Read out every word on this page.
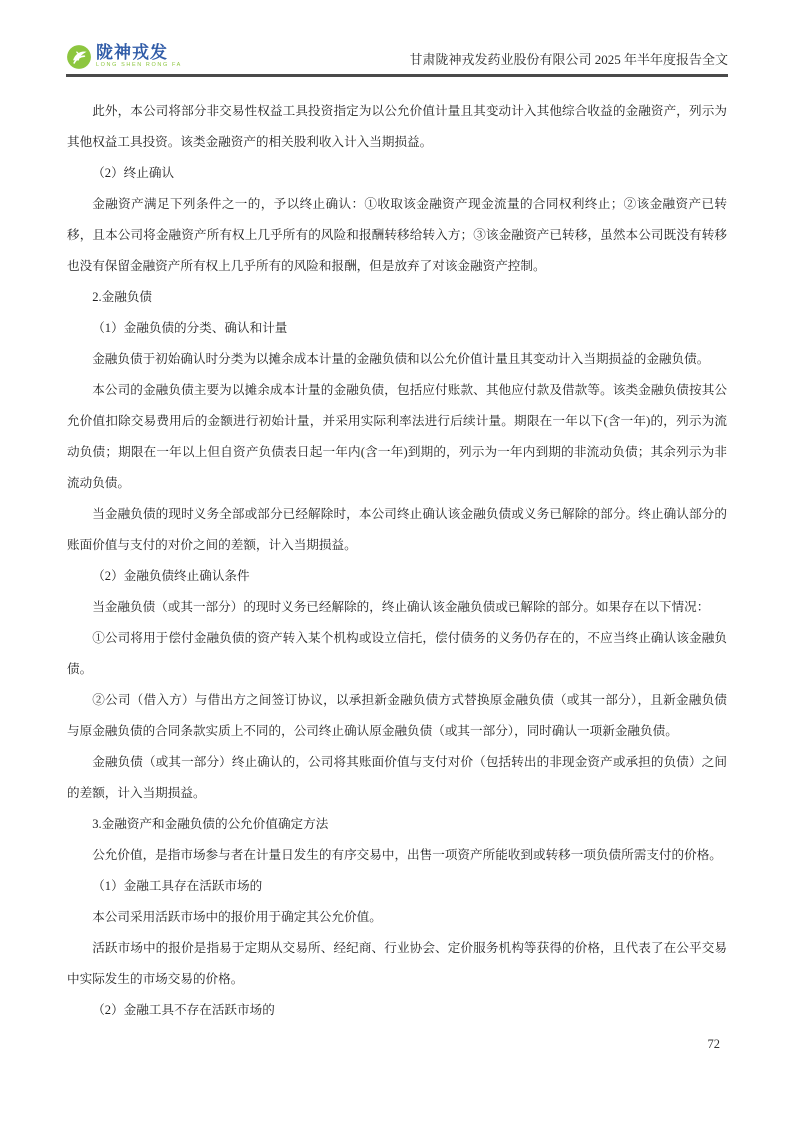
陇神戎发
LONG SHEN RONG FA	甘肃陇神戎发药业股份有限公司 2025 年半年度报告全文

此外，本公司将部分非交易性权益工具投资指定为以公允价值计量且其变动计入其他综合收益的金融资产，列示为其他权益工具投资。该类金融资产的相关股利收入计入当期损益。

（2）终止确认

金融资产满足下列条件之一的，予以终止确认：①收取该金融资产现金流量的合同权利终止；②该金融资产已转移，且本公司将金融资产所有权上几乎所有的风险和报酬转移给转入方；③该金融资产已转移，虽然本公司既没有转移也没有保留金融资产所有权上几乎所有的风险和报酬，但是放弃了对该金融资产控制。

2.金融负债

（1）金融负债的分类、确认和计量

金融负债于初始确认时分类为以摊余成本计量的金融负债和以公允价值计量且其变动计入当期损益的金融负债。

本公司的金融负债主要为以摊余成本计量的金融负债，包括应付账款、其他应付款及借款等。该类金融负债按其公允价值扣除交易费用后的金额进行初始计量，并采用实际利率法进行后续计量。期限在一年以下(含一年)的，列示为流动负债；期限在一年以上但自资产负债表日起一年内(含一年)到期的，列示为一年内到期的非流动负债；其余列示为非流动负债。

当金融负债的现时义务全部或部分已经解除时，本公司终止确认该金融负债或义务已解除的部分。终止确认部分的账面价值与支付的对价之间的差额，计入当期损益。

（2）金融负债终止确认条件

当金融负债（或其一部分）的现时义务已经解除的，终止确认该金融负债或已解除的部分。如果存在以下情况：

①公司将用于偿付金融负债的资产转入某个机构或设立信托，偿付债务的义务仍存在的，不应当终止确认该金融负债。

②公司（借入方）与借出方之间签订协议，以承担新金融负债方式替换原金融负债（或其一部分），且新金融负债与原金融负债的合同条款实质上不同的，公司终止确认原金融负债（或其一部分），同时确认一项新金融负债。

金融负债（或其一部分）终止确认的，公司将其账面价值与支付对价（包括转出的非现金资产或承担的负债）之间的差额，计入当期损益。

3.金融资产和金融负债的公允价值确定方法

公允价值，是指市场参与者在计量日发生的有序交易中，出售一项资产所能收到或转移一项负债所需支付的价格。

（1）金融工具存在活跃市场的

本公司采用活跃市场中的报价用于确定其公允价值。

活跃市场中的报价是指易于定期从交易所、经纪商、行业协会、定价服务机构等获得的价格，且代表了在公平交易中实际发生的市场交易的价格。

（2）金融工具不存在活跃市场的

72
